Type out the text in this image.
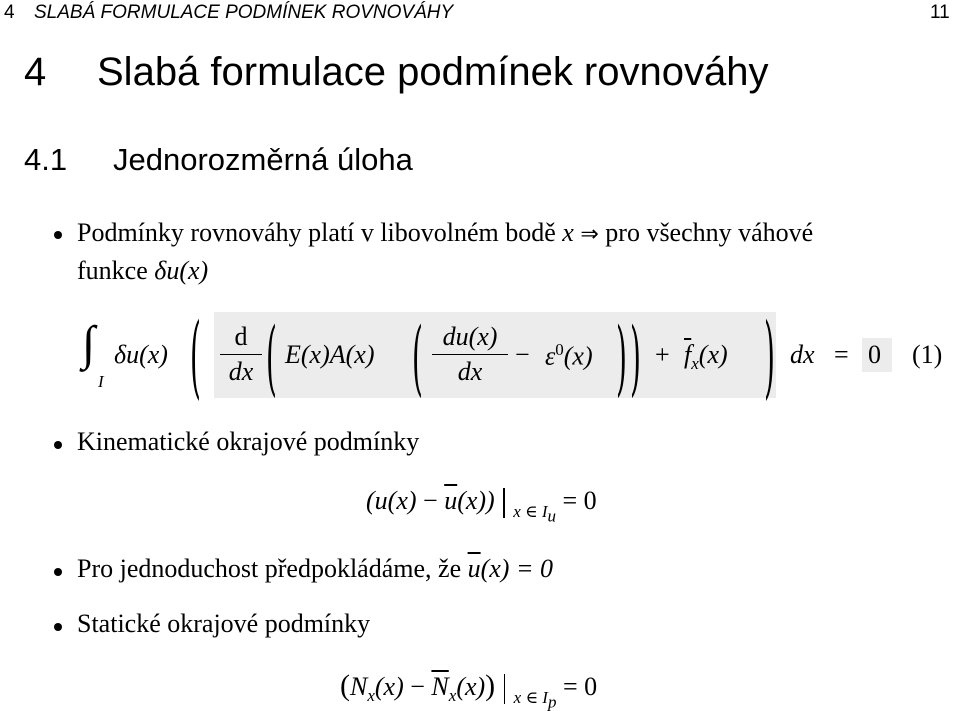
4 SLABÁ FORMULACE PODMÍNEK ROVNOVÁHY	11
4 Slabá formulace podmínek rovnováhy
4.1 Jednorozměrná úloha
Podmínky rovnováhy platí v libovolném bodě x ⇒ pro všechny váhové
funkce δu(x)
∫
I
δu(x) ( $\frac{d}{dx}$ ( E(x)A(x) ( $\frac{du(x)}{dx} - \varepsilon^0(x)$ ) ) + $\overline{f}_x(x)$ ) dx = 0 (1)
Kinematické okrajové podmínky
$(u(x) - \overline{u}(x))$ $_{x \in I_u}$ = 0
Pro jednoduchost předpokládáme, že $\overline{u}(x) = 0$
Statické okrajové podmínky
$(N_x(x) - \overline{N}_x(x)) _{x \in I_p} = 0$
